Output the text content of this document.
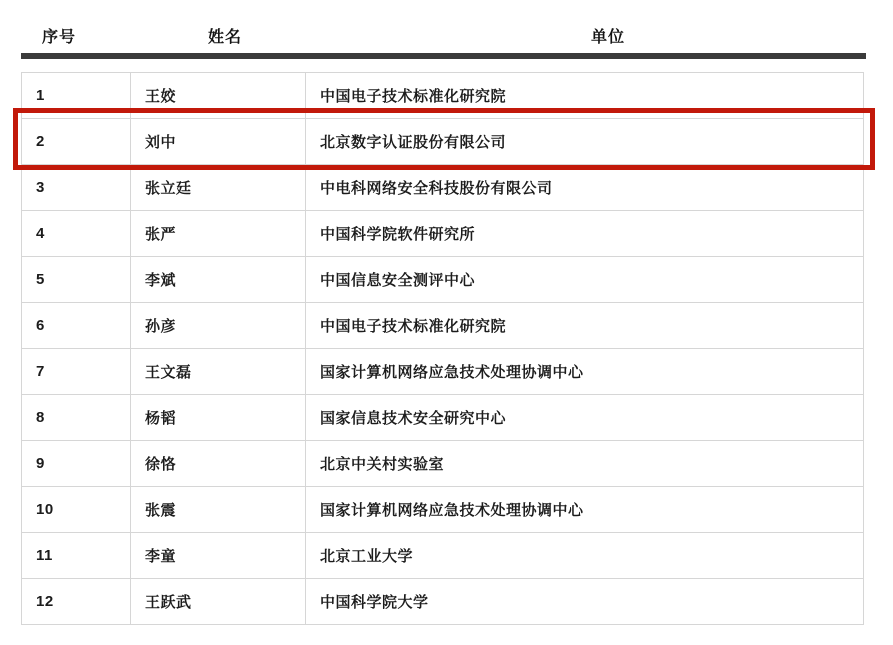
序号	姓名	单位
1	王姣	中国电子技术标准化研究院
2	刘中	北京数字认证股份有限公司
3	张立廷	中电科网络安全科技股份有限公司
4	张严	中国科学院软件研究所
5	李斌	中国信息安全测评中心
6	孙彦	中国电子技术标准化研究院
7	王文磊	国家计算机网络应急技术处理协调中心
8	杨韬	国家信息技术安全研究中心
9	徐恪	北京中关村实验室
10	张震	国家计算机网络应急技术处理协调中心
11	李童	北京工业大学
12	王跃武	中国科学院大学
